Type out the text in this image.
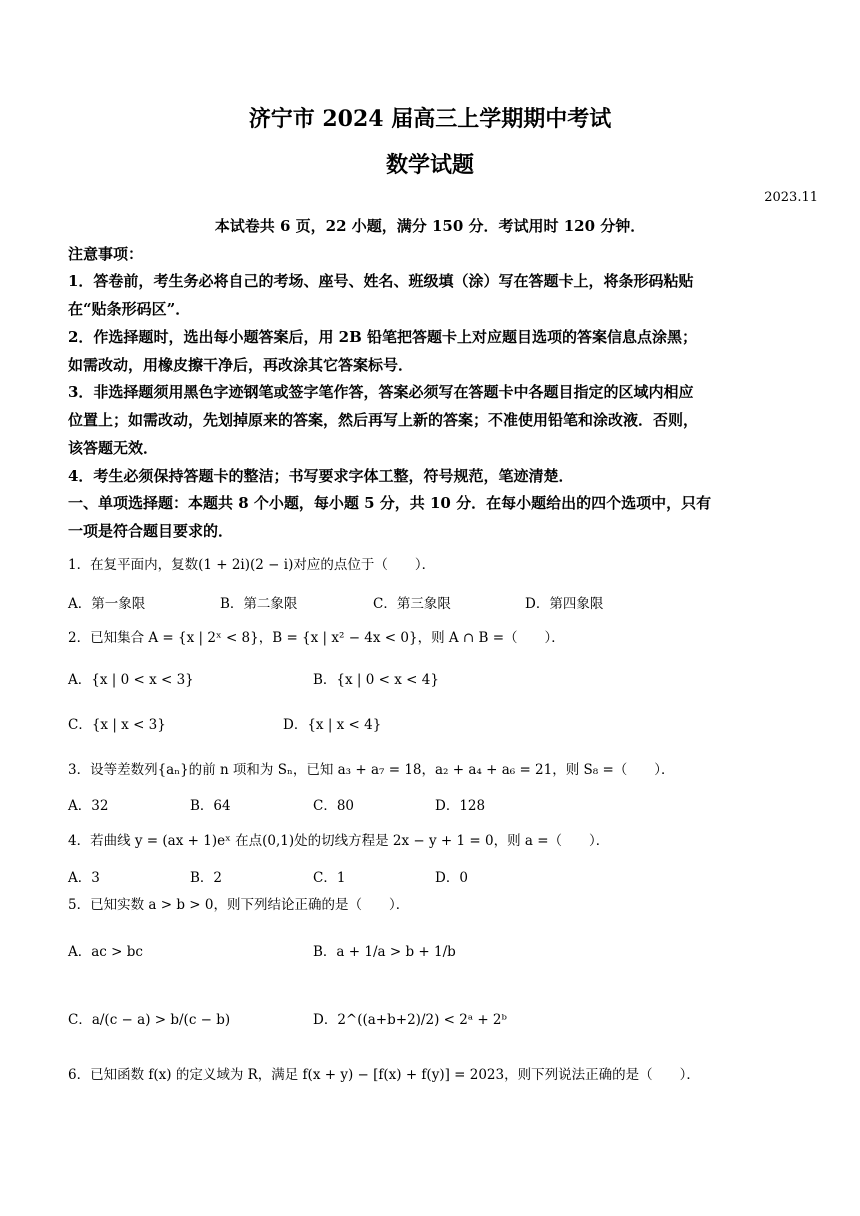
济宁市 2024 届高三上学期期中考试
数学试题
2023.11
本试卷共 6 页，22 小题，满分 150 分．考试用时 120 分钟．
注意事项：
1．答卷前，考生务必将自己的考场、座号、姓名、班级填（涂）写在答题卡上，将条形码粘贴
在“贴条形码区”．
2．作选择题时，选出每小题答案后，用 2B 铅笔把答题卡上对应题目选项的答案信息点涂黑；
如需改动，用橡皮擦干净后，再改涂其它答案标号．
3．非选择题须用黑色字迹钢笔或签字笔作答，答案必须写在答题卡中各题目指定的区域内相应
位置上；如需改动，先划掉原来的答案，然后再写上新的答案；不准使用铅笔和涂改液．否则，
该答题无效．
4．考生必须保持答题卡的整洁；书写要求字体工整，符号规范，笔迹清楚．
一、单项选择题：本题共 8 个小题，每小题 5 分，共 10 分．在每小题给出的四个选项中，只有
一项是符合题目要求的．
1．在复平面内，复数(1 + 2i)(2 − i)对应的点位于（　　）．
A．第一象限	B．第二象限	C．第三象限	D．第四象限
2．已知集合 A = {x | 2ˣ < 8}，B = {x | x² − 4x < 0}，则 A ∩ B =（　　）．
A．{x | 0 < x < 3}	B．{x | 0 < x < 4}
C．{x | x < 3}	D．{x | x < 4}
3．设等差数列{aₙ}的前 n 项和为 Sₙ，已知 a₃ + a₇ = 18，a₂ + a₄ + a₆ = 21，则 S₈ =（　　）．
A．32	B．64	C．80	D．128
4．若曲线 y = (ax + 1)eˣ 在点(0,1)处的切线方程是 2x − y + 1 = 0，则 a =（　　）．
A．3	B．2	C．1	D．0
5．已知实数 a > b > 0，则下列结论正确的是（　　）．
A．ac > bc	B．a + 1/a > b + 1/b
C．a/(c − a) > b/(c − b)	D．2^((a+b+2)/2) < 2ᵃ + 2ᵇ
6．已知函数 f(x) 的定义域为 R，满足 f(x + y) − [f(x) + f(y)] = 2023，则下列说法正确的是（　　）．
